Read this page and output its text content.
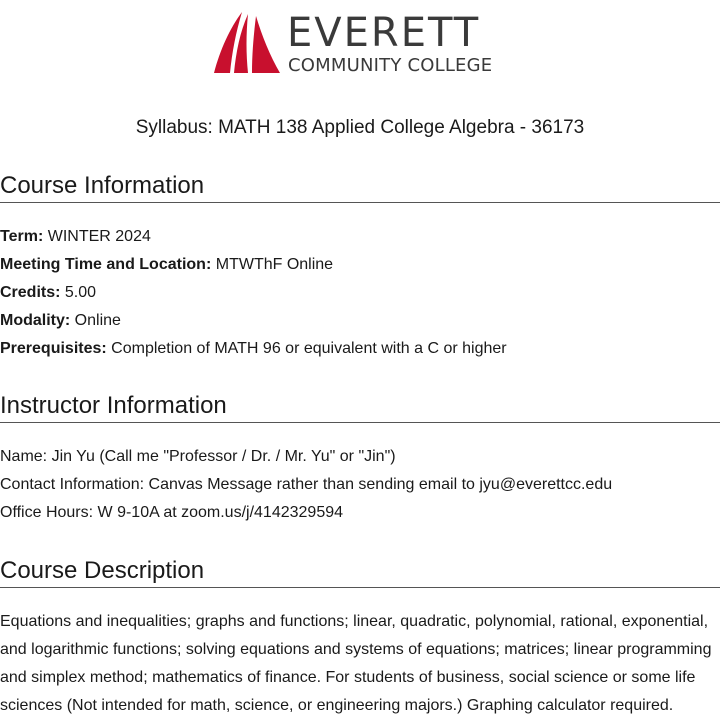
EVERETT
COMMUNITY COLLEGE
Syllabus: MATH 138 Applied College Algebra - 36173
Course Information
Term: WINTER 2024
Meeting Time and Location: MTWThF Online
Credits: 5.00
Modality: Online
Prerequisites: Completion of MATH 96 or equivalent with a C or higher
Instructor Information
Name: Jin Yu (Call me "Professor / Dr. / Mr. Yu" or "Jin")
Contact Information: Canvas Message rather than sending email to jyu@everettcc.edu
Office Hours: W 9-10A at zoom.us/j/4142329594
Course Description

Equations and inequalities; graphs and functions; linear, quadratic, polynomial, rational, exponential, and logarithmic functions; solving equations and systems of equations; matrices; linear programming and simplex method; mathematics of finance. For students of business, social science or some life sciences (Not intended for math, science, or engineering majors.) Graphing calculator required.
